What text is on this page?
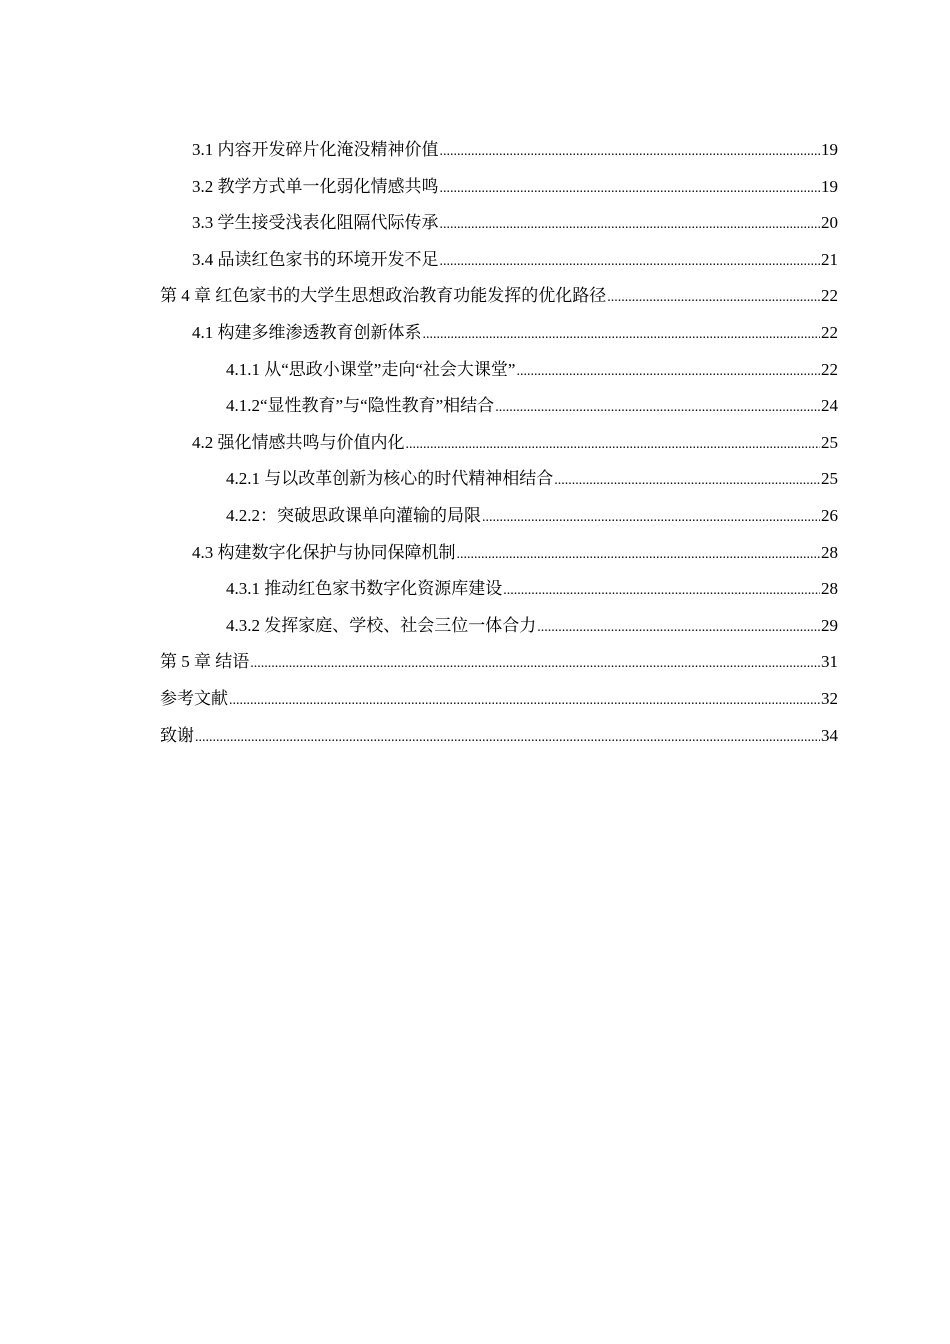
3.1 内容开发碎片化淹没精神价值 .....	19
3.2 教学方式单一化弱化情感共鸣 .....	19
3.3 学生接受浅表化阻隔代际传承 .....	20
3.4 品读红色家书的环境开发不足 .....	21
第 4 章 红色家书的大学生思想政治教育功能发挥的优化路径 .....	22
4.1 构建多维渗透教育创新体系 .....	22
4.1.1 从“思政小课堂”走向“社会大课堂” .....	22
4.1.2“显性教育”与“隐性教育”相结合 .....	24
4.2 强化情感共鸣与价值内化 .....	25
4.2.1 与以改革创新为核心的时代精神相结合 .....	25
4.2.2：突破思政课单向灌输的局限 .....	26
4.3 构建数字化保护与协同保障机制 .....	28
4.3.1 推动红色家书数字化资源库建设 .....	28
4.3.2 发挥家庭、学校、社会三位一体合力 .....	29
第 5 章 结语 .....	31
参考文献 .....	32
致谢 .....	34
